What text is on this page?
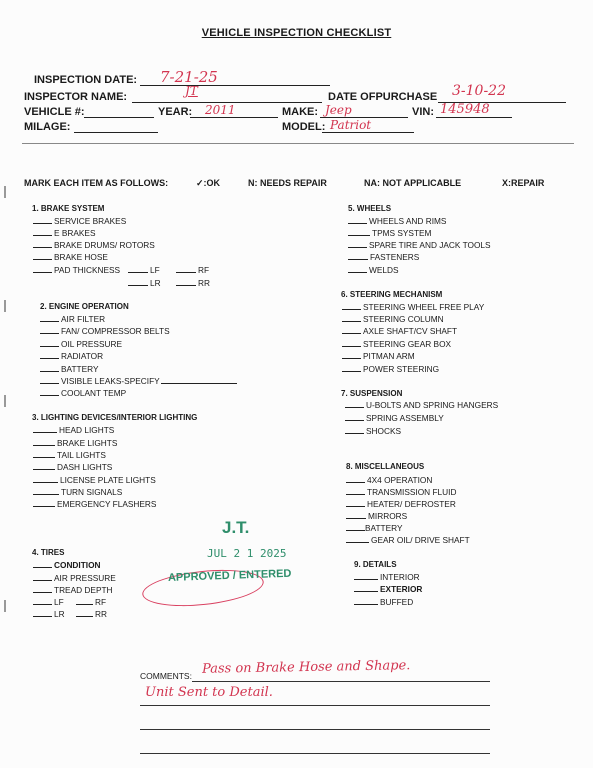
VEHICLE INSPECTION CHECKLIST
INSPECTION DATE: 7-21-25
INSPECTOR NAME:	JT	DATE OFPURCHASE 3-10-22
VEHICLE #:	YEAR: 2011	MAKE: Jeep	VIN: 145948
MILAGE:	MODEL: Patriot
MARK EACH ITEM AS FOLLOWS:	✓:OK	N: NEEDS REPAIR	NA: NOT APPLICABLE	X:REPAIR
1. BRAKE SYSTEM
SERVICE BRAKES
E BRAKES
BRAKE DRUMS/ ROTORS
BRAKE HOSE
PAD THICKNESS	LF	RF
LR	RR
2. ENGINE OPERATION
AIR FILTER
FAN/ COMPRESSOR BELTS
OIL PRESSURE
RADIATOR
BATTERY
VISIBLE LEAKS-SPECIFY
COOLANT TEMP
3. LIGHTING DEVICES/INTERIOR LIGHTING
HEAD LIGHTS
BRAKE LIGHTS
TAIL LIGHTS
DASH LIGHTS
LICENSE PLATE LIGHTS
TURN SIGNALS
EMERGENCY FLASHERS
4. TIRES
CONDITION
AIR PRESSURE
TREAD DEPTH
LF	RF
LR	RR
5. WHEELS
WHEELS AND RIMS
TPMS SYSTEM
SPARE TIRE AND JACK TOOLS
FASTENERS
WELDS
6. STEERING MECHANISM
STEERING WHEEL FREE PLAY
STEERING COLUMN
AXLE SHAFT/CV SHAFT
STEERING GEAR BOX
PITMAN ARM
POWER STEERING
7. SUSPENSION
U-BOLTS AND SPRING HANGERS
SPRING ASSEMBLY
SHOCKS
8. MISCELLANEOUS
4X4 OPERATION
TRANSMISSION FLUID
HEATER/ DEFROSTER
MIRRORS
BATTERY
GEAR OIL/ DRIVE SHAFT
9. DETAILS
INTERIOR
EXTERIOR
BUFFED
J.T.
JUL 2 1 2025
APPROVED / ENTERED
COMMENTS: Pass on Brake Hose and Shape.
Unit Sent to Detail.
